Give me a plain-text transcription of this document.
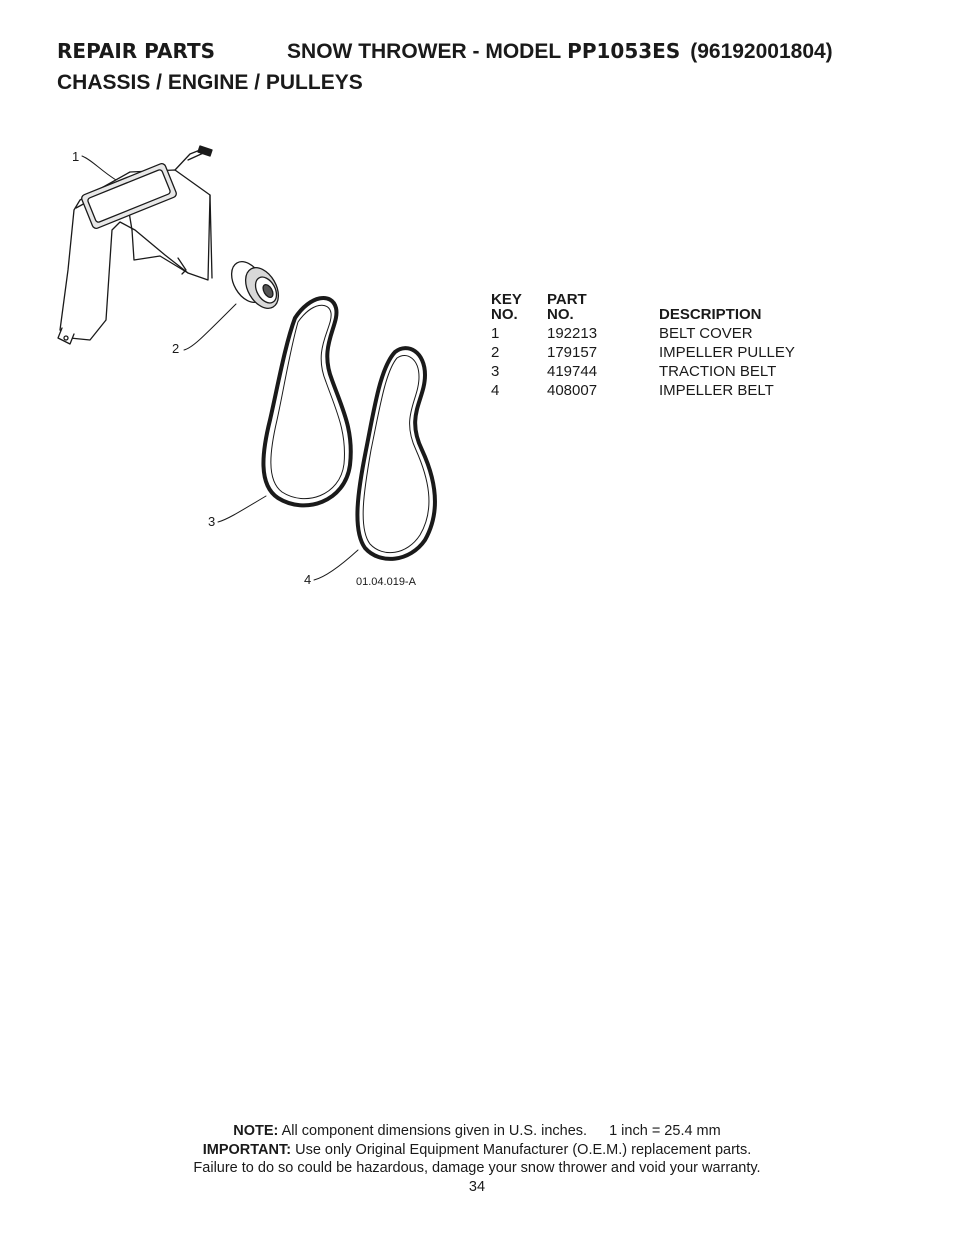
REPAIR PARTS	SNOW THROWER - MODEL PP1053ES (96192001804)
CHASSIS / ENGINE / PULLEYS
1
2
3
4	01.04.019-A
KEY PART
NO. NO.	DESCRIPTION
1	192213	BELT COVER
2	179157	IMPELLER PULLEY
3	419744	TRACTION BELT
4	408007	IMPELLER BELT
NOTE: All component dimensions given in U.S. inches. 1 inch = 25.4 mm
IMPORTANT: Use only Original Equipment Manufacturer (O.E.M.) replacement parts.
Failure to do so could be hazardous, damage your snow thrower and void your warranty.
34
